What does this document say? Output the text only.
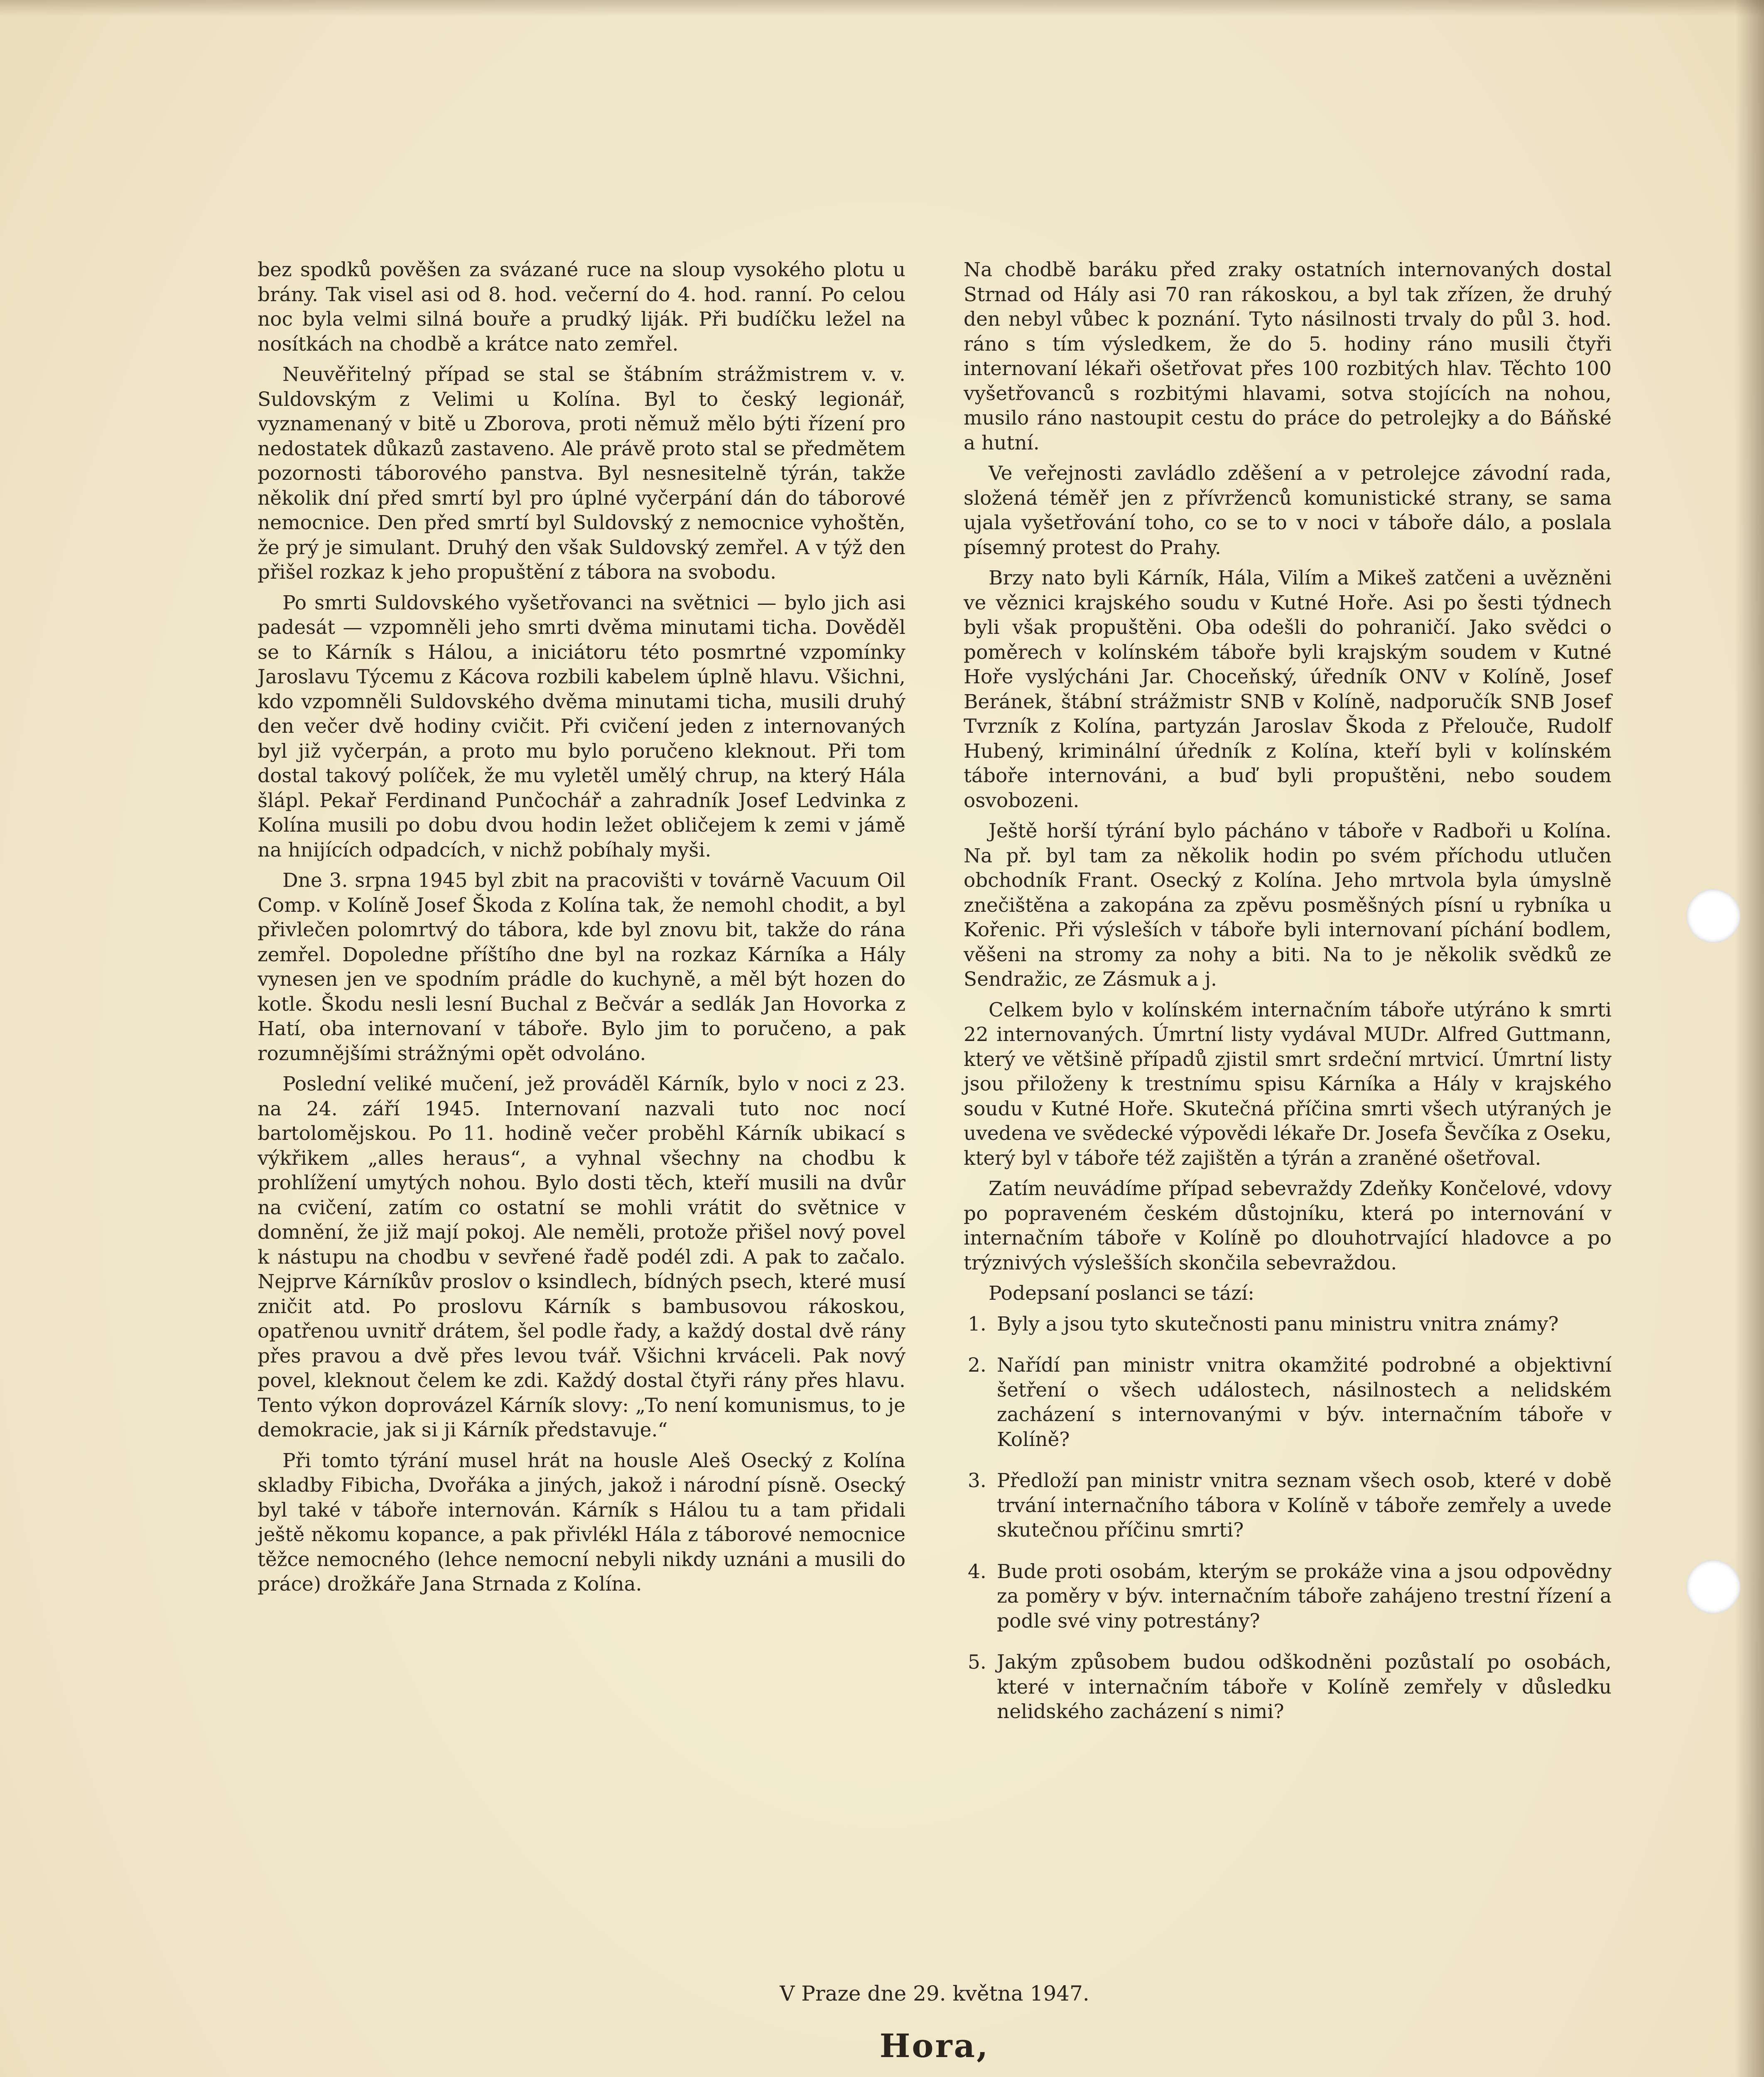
bez spodků pověšen za svázané ruce na sloup vysokého plotu u brány. Tak visel asi od 8. hod. večerní do 4. hod. ranní. Po celou noc byla velmi silná bouře a prudký liják. Při budíčku ležel na nosítkách na chodbě a krátce nato zemřel.

Neuvěřitelný případ se stal se štábním strážmistrem v. v. Suldovským z Velimi u Kolína. Byl to český legionář, vyznamenaný v bitě u Zborova, proti němuž mělo býti řízení pro nedostatek důkazů zastaveno. Ale právě proto stal se předmětem pozornosti táborového panstva. Byl nesnesitelně týrán, takže několik dní před smrtí byl pro úplné vyčerpání dán do táborové nemocnice. Den před smrtí byl Suldovský z nemocnice vyhoštěn, že prý je simulant. Druhý den však Suldovský zemřel. A v týž den přišel rozkaz k jeho propuštění z tábora na svobodu.

Po smrti Suldovského vyšetřovanci na světnici — bylo jich asi padesát — vzpomněli jeho smrti dvěma minutami ticha. Dověděl se to Kárník s Hálou, a iniciátoru této posmrtné vzpomínky Jaroslavu Týcemu z Kácova rozbili kabelem úplně hlavu. Všichni, kdo vzpomněli Suldovského dvěma minutami ticha, musili druhý den večer dvě hodiny cvičit. Při cvičení jeden z internovaných byl již vyčerpán, a proto mu bylo poručeno kleknout. Při tom dostal takový políček, že mu vyletěl umělý chrup, na který Hála šlápl. Pekař Ferdinand Punčochář a zahradník Josef Ledvinka z Kolína musili po dobu dvou hodin ležet obličejem k zemi v jámě na hnijících odpadcích, v nichž pobíhaly myši.

Dne 3. srpna 1945 byl zbit na pracovišti v továrně Vacuum Oil Comp. v Kolíně Josef Škoda z Kolína tak, že nemohl chodit, a byl přivlečen polomrtvý do tábora, kde byl znovu bit, takže do rána zemřel. Dopoledne příštího dne byl na rozkaz Kárníka a Hály vynesen jen ve spodním prádle do kuchyně, a měl být hozen do kotle. Škodu nesli lesní Buchal z Bečvár a sedlák Jan Hovorka z Hatí, oba internovaní v táboře. Bylo jim to poručeno, a pak rozumnějšími strážnými opět odvoláno.

Poslední veliké mučení, jež prováděl Kárník, bylo v noci z 23. na 24. září 1945. Internovaní nazvali tuto noc nocí bartolomějskou. Po 11. hodině večer proběhl Kárník ubikací s výkřikem „alles heraus“, a vyhnal všechny na chodbu k prohlížení umytých nohou. Bylo dosti těch, kteří musili na dvůr na cvičení, zatím co ostatní se mohli vrátit do světnice v domnění, že již mají pokoj. Ale neměli, protože přišel nový povel k nástupu na chodbu v sevřené řadě podél zdi. A pak to začalo. Nejprve Kárníkův proslov o ksindlech, bídných psech, které musí zničit atd. Po proslovu Kárník s bambusovou rákoskou, opatřenou uvnitř drátem, šel podle řady, a každý dostal dvě rány přes pravou a dvě přes levou tvář. Všichni krváceli. Pak nový povel, kleknout čelem ke zdi. Každý dostal čtyři rány přes hlavu. Tento výkon doprovázel Kárník slovy: „To není komunismus, to je demokracie, jak si ji Kárník představuje.“

Při tomto týrání musel hrát na housle Aleš Osecký z Kolína skladby Fibicha, Dvořáka a jiných, jakož i národní písně. Osecký byl také v táboře internován. Kárník s Hálou tu a tam přidali ještě někomu kopance, a pak přivlékl Hála z táborové nemocnice těžce nemocného (lehce nemocní nebyli nikdy uznáni a musili do práce) drožkáře Jana Strnada z Kolína.

Na chodbě baráku před zraky ostatních internovaných dostal Strnad od Hály asi 70 ran rákoskou, a byl tak zřízen, že druhý den nebyl vůbec k poznání. Tyto násilnosti trvaly do půl 3. hod. ráno s tím výsledkem, že do 5. hodiny ráno musili čtyři internovaní lékaři ošetřovat přes 100 rozbitých hlav. Těchto 100 vyšetřovanců s rozbitými hlavami, sotva stojících na nohou, musilo ráno nastoupit cestu do práce do petrolejky a do Báňské a hutní.

Ve veřejnosti zavládlo zděšení a v petrolejce závodní rada, složená téměř jen z přívrženců komunistické strany, se sama ujala vyšetřování toho, co se to v noci v táboře dálo, a poslala písemný protest do Prahy.

Brzy nato byli Kárník, Hála, Vilím a Mikeš zatčeni a uvězněni ve věznici krajského soudu v Kutné Hoře. Asi po šesti týdnech byli však propuštěni. Oba odešli do pohraničí. Jako svědci o poměrech v kolínském táboře byli krajským soudem v Kutné Hoře vyslýcháni Jar. Choceňský, úředník ONV v Kolíně, Josef Beránek, štábní strážmistr SNB v Kolíně, nadporučík SNB Josef Tvrzník z Kolína, partyzán Jaroslav Škoda z Přelouče, Rudolf Hubený, kriminální úředník z Kolína, kteří byli v kolínském táboře internováni, a buď byli propuštěni, nebo soudem osvobozeni.

Ještě horší týrání bylo pácháno v táboře v Radboři u Kolína. Na př. byl tam za několik hodin po svém příchodu utlučen obchodník Frant. Osecký z Kolína. Jeho mrtvola byla úmyslně znečištěna a zakopána za zpěvu posměšných písní u rybníka u Kořenic. Při výsleších v táboře byli internovaní píchání bodlem, věšeni na stromy za nohy a biti. Na to je několik svědků ze Sendražic, ze Zásmuk a j.

Celkem bylo v kolínském internačním táboře utýráno k smrti 22 internovaných. Úmrtní listy vydával MUDr. Alfred Guttmann, který ve většině případů zjistil smrt srdeční mrtvicí. Úmrtní listy jsou přiloženy k trestnímu spisu Kárníka a Hály v krajského soudu v Kutné Hoře. Skutečná příčina smrti všech utýraných je uvedena ve svědecké výpovědi lékaře Dr. Josefa Ševčíka z Oseku, který byl v táboře též zajištěn a týrán a zraněné ošetřoval.

Zatím neuvádíme případ sebevraždy Zdeňky Končelové, vdovy po popraveném českém důstojníku, která po internování v internačním táboře v Kolíně po dlouhotrvající hladovce a po trýznivých výslešších skončila sebevraždou.

Podepsaní poslanci se tází:

1. Byly a jsou tyto skutečnosti panu ministru vnitra známy?
2. Nařídí pan ministr vnitra okamžité podrobné a objektivní šetření o všech událostech, násilnostech a nelidském zacházení s internovanými v býv. internačním táboře v Kolíně?
3. Předloží pan ministr vnitra seznam všech osob, které v době trvání internačního tábora v Kolíně v táboře zemřely a uvede skutečnou příčinu smrti?
4. Bude proti osobám, kterým se prokáže vina a jsou odpovědny za poměry v býv. internačním táboře zahájeno trestní řízení a podle své viny potrestány?
5. Jakým způsobem budou odškodněni pozůstalí po osobách, které v internačním táboře v Kolíně zemřely v důsledku nelidského zacházení s nimi?
V Praze dne 29. května 1947.
Hora,
